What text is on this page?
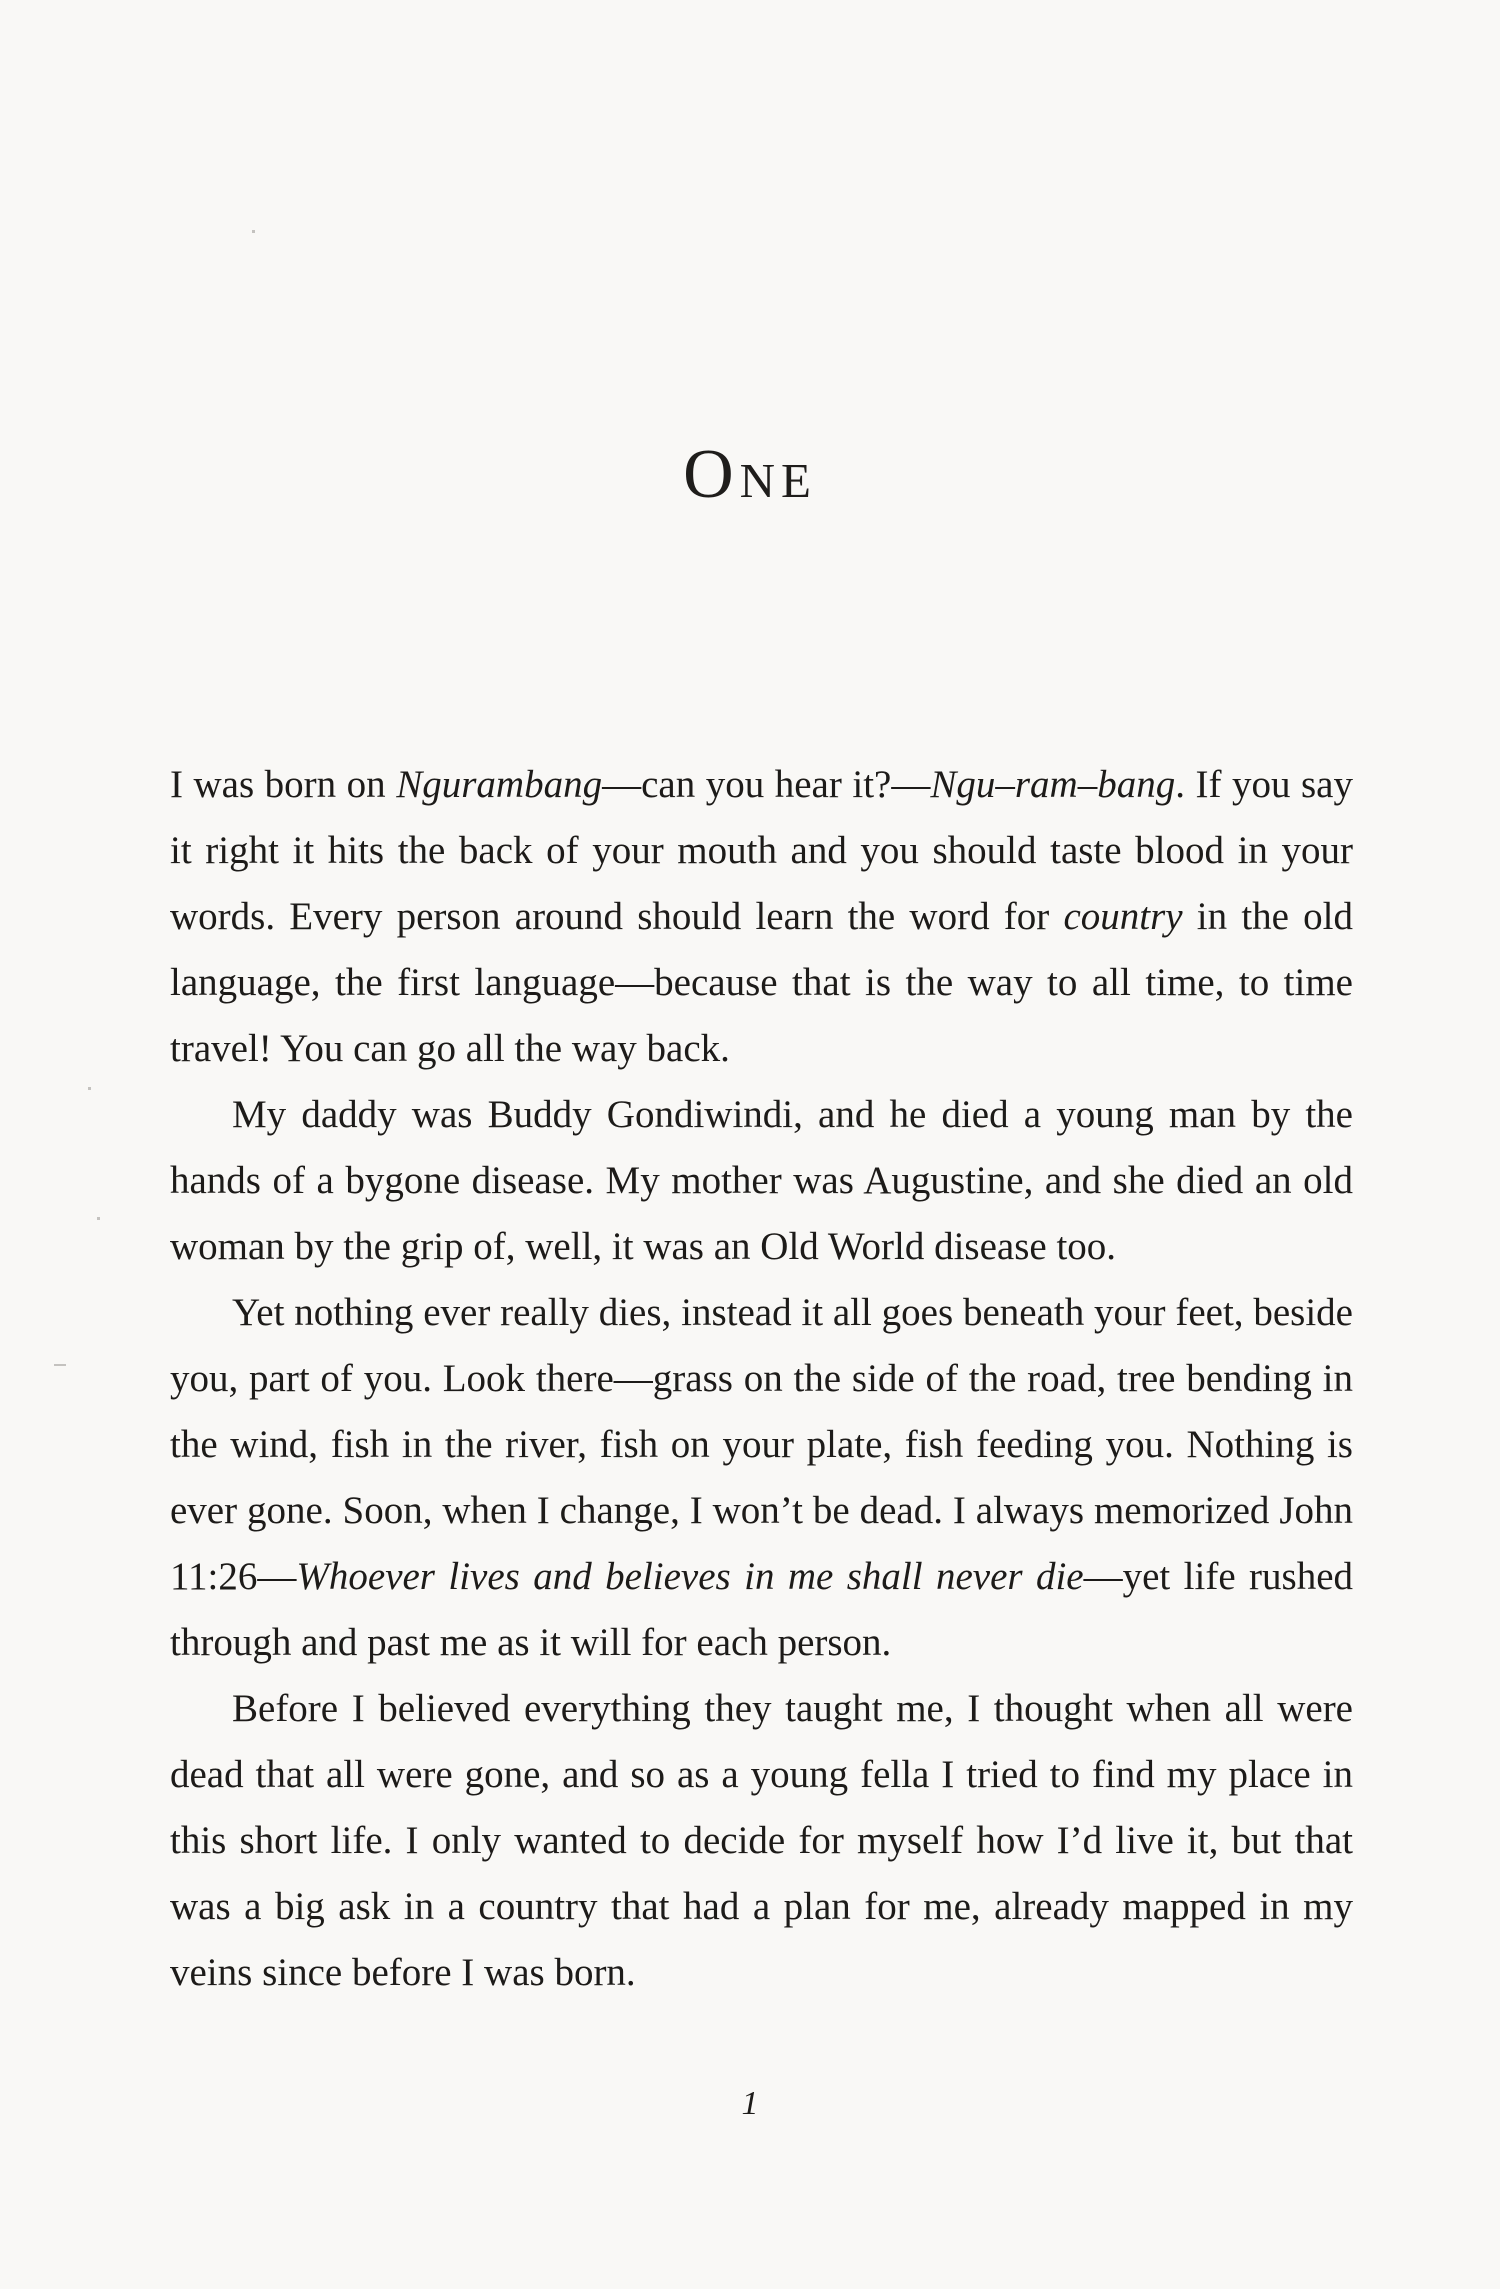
One

I was born on Ngurambang—can you hear it?—Ngu–ram–bang. If you say it right it hits the back of your mouth and you should taste blood in your words. Every person around should learn the word for country in the old language, the first language—because that is the way to all time, to time travel! You can go all the way back.

My daddy was Buddy Gondiwindi, and he died a young man by the hands of a bygone disease. My mother was Augustine, and she died an old woman by the grip of, well, it was an Old World disease too.

Yet nothing ever really dies, instead it all goes beneath your feet, beside you, part of you. Look there—grass on the side of the road, tree bending in the wind, fish in the river, fish on your plate, fish feeding you. Nothing is ever gone. Soon, when I change, I won’t be dead. I always memorized John 11:26—Whoever lives and believes in me shall never die—yet life rushed through and past me as it will for each person.

Before I believed everything they taught me, I thought when all were dead that all were gone, and so as a young fella I tried to find my place in this short life. I only wanted to decide for myself how I’d live it, but that was a big ask in a country that had a plan for me, already mapped in my veins since before I was born.

1
